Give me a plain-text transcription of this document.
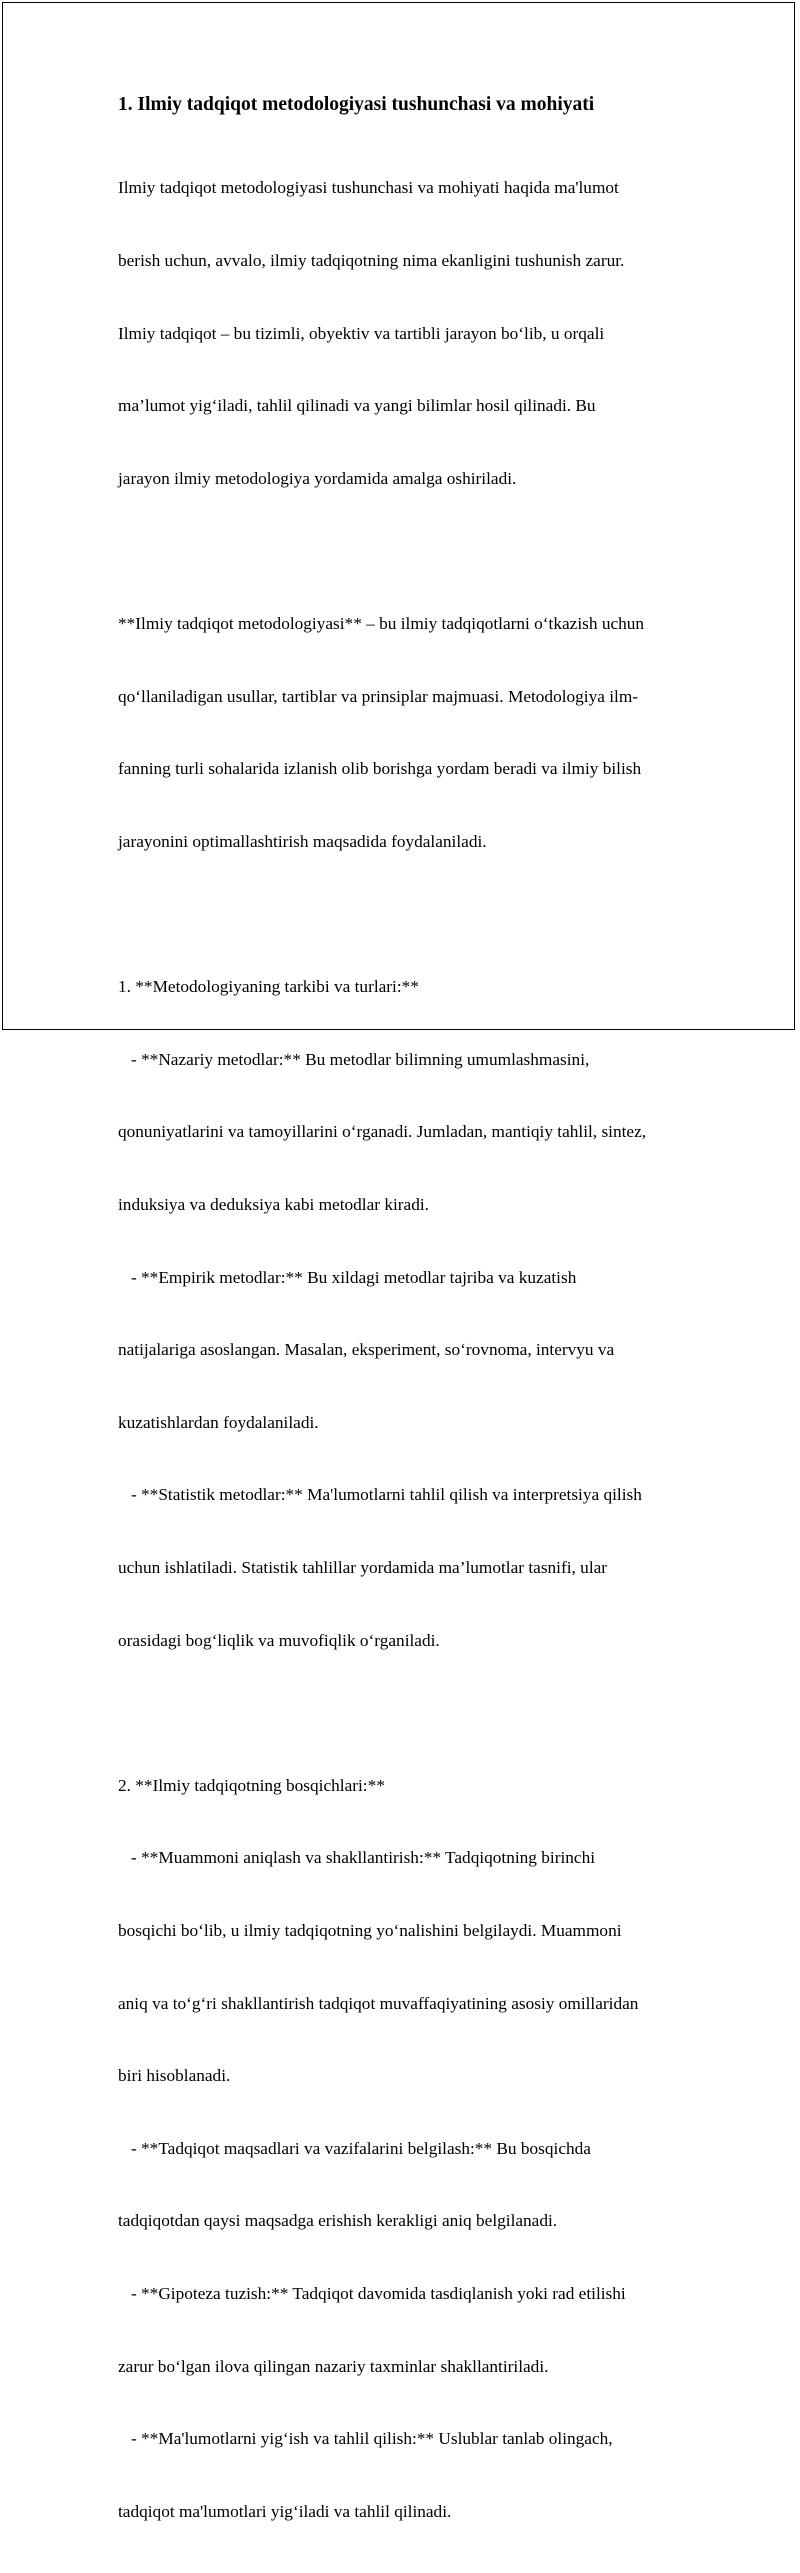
1. Ilmiy tadqiqot metodologiyasi tushunchasi va mohiyati

Ilmiy tadqiqot metodologiyasi tushunchasi va mohiyati haqida ma'lumot

berish uchun, avvalo, ilmiy tadqiqotning nima ekanligini tushunish zarur.

Ilmiy tadqiqot – bu tizimli, obyektiv va tartibli jarayon bo‘lib, u orqali

ma’lumot yig‘iladi, tahlil qilinadi va yangi bilimlar hosil qilinadi. Bu

jarayon ilmiy metodologiya yordamida amalga oshiriladi.

**Ilmiy tadqiqot metodologiyasi** – bu ilmiy tadqiqotlarni o‘tkazish uchun

qo‘llaniladigan usullar, tartiblar va prinsiplar majmuasi. Metodologiya ilm-

fanning turli sohalarida izlanish olib borishga yordam beradi va ilmiy bilish

jarayonini optimallashtirish maqsadida foydalaniladi.

1. **Metodologiyaning tarkibi va turlari:**

- **Nazariy metodlar:** Bu metodlar bilimning umumlashmasini,

qonuniyatlarini va tamoyillarini o‘rganadi. Jumladan, mantiqiy tahlil, sintez,

induksiya va deduksiya kabi metodlar kiradi.

- **Empirik metodlar:** Bu xildagi metodlar tajriba va kuzatish

natijalariga asoslangan. Masalan, eksperiment, so‘rovnoma, intervyu va

kuzatishlardan foydalaniladi.

- **Statistik metodlar:** Ma'lumotlarni tahlil qilish va interpretsiya qilish

uchun ishlatiladi. Statistik tahlillar yordamida ma’lumotlar tasnifi, ular

orasidagi bog‘liqlik va muvofiqlik o‘rganiladi.

2. **Ilmiy tadqiqotning bosqichlari:**

- **Muammoni aniqlash va shakllantirish:** Tadqiqotning birinchi

bosqichi bo‘lib, u ilmiy tadqiqotning yo‘nalishini belgilaydi. Muammoni

aniq va to‘g‘ri shakllantirish tadqiqot muvaffaqiyatining asosiy omillaridan

biri hisoblanadi.

- **Tadqiqot maqsadlari va vazifalarini belgilash:** Bu bosqichda

tadqiqotdan qaysi maqsadga erishish kerakligi aniq belgilanadi.

- **Gipoteza tuzish:** Tadqiqot davomida tasdiqlanish yoki rad etilishi

zarur bo‘lgan ilova qilingan nazariy taxminlar shakllantiriladi.

- **Ma'lumotlarni yig‘ish va tahlil qilish:** Uslublar tanlab olingach,

tadqiqot ma'lumotlari yig‘iladi va tahlil qilinadi.
